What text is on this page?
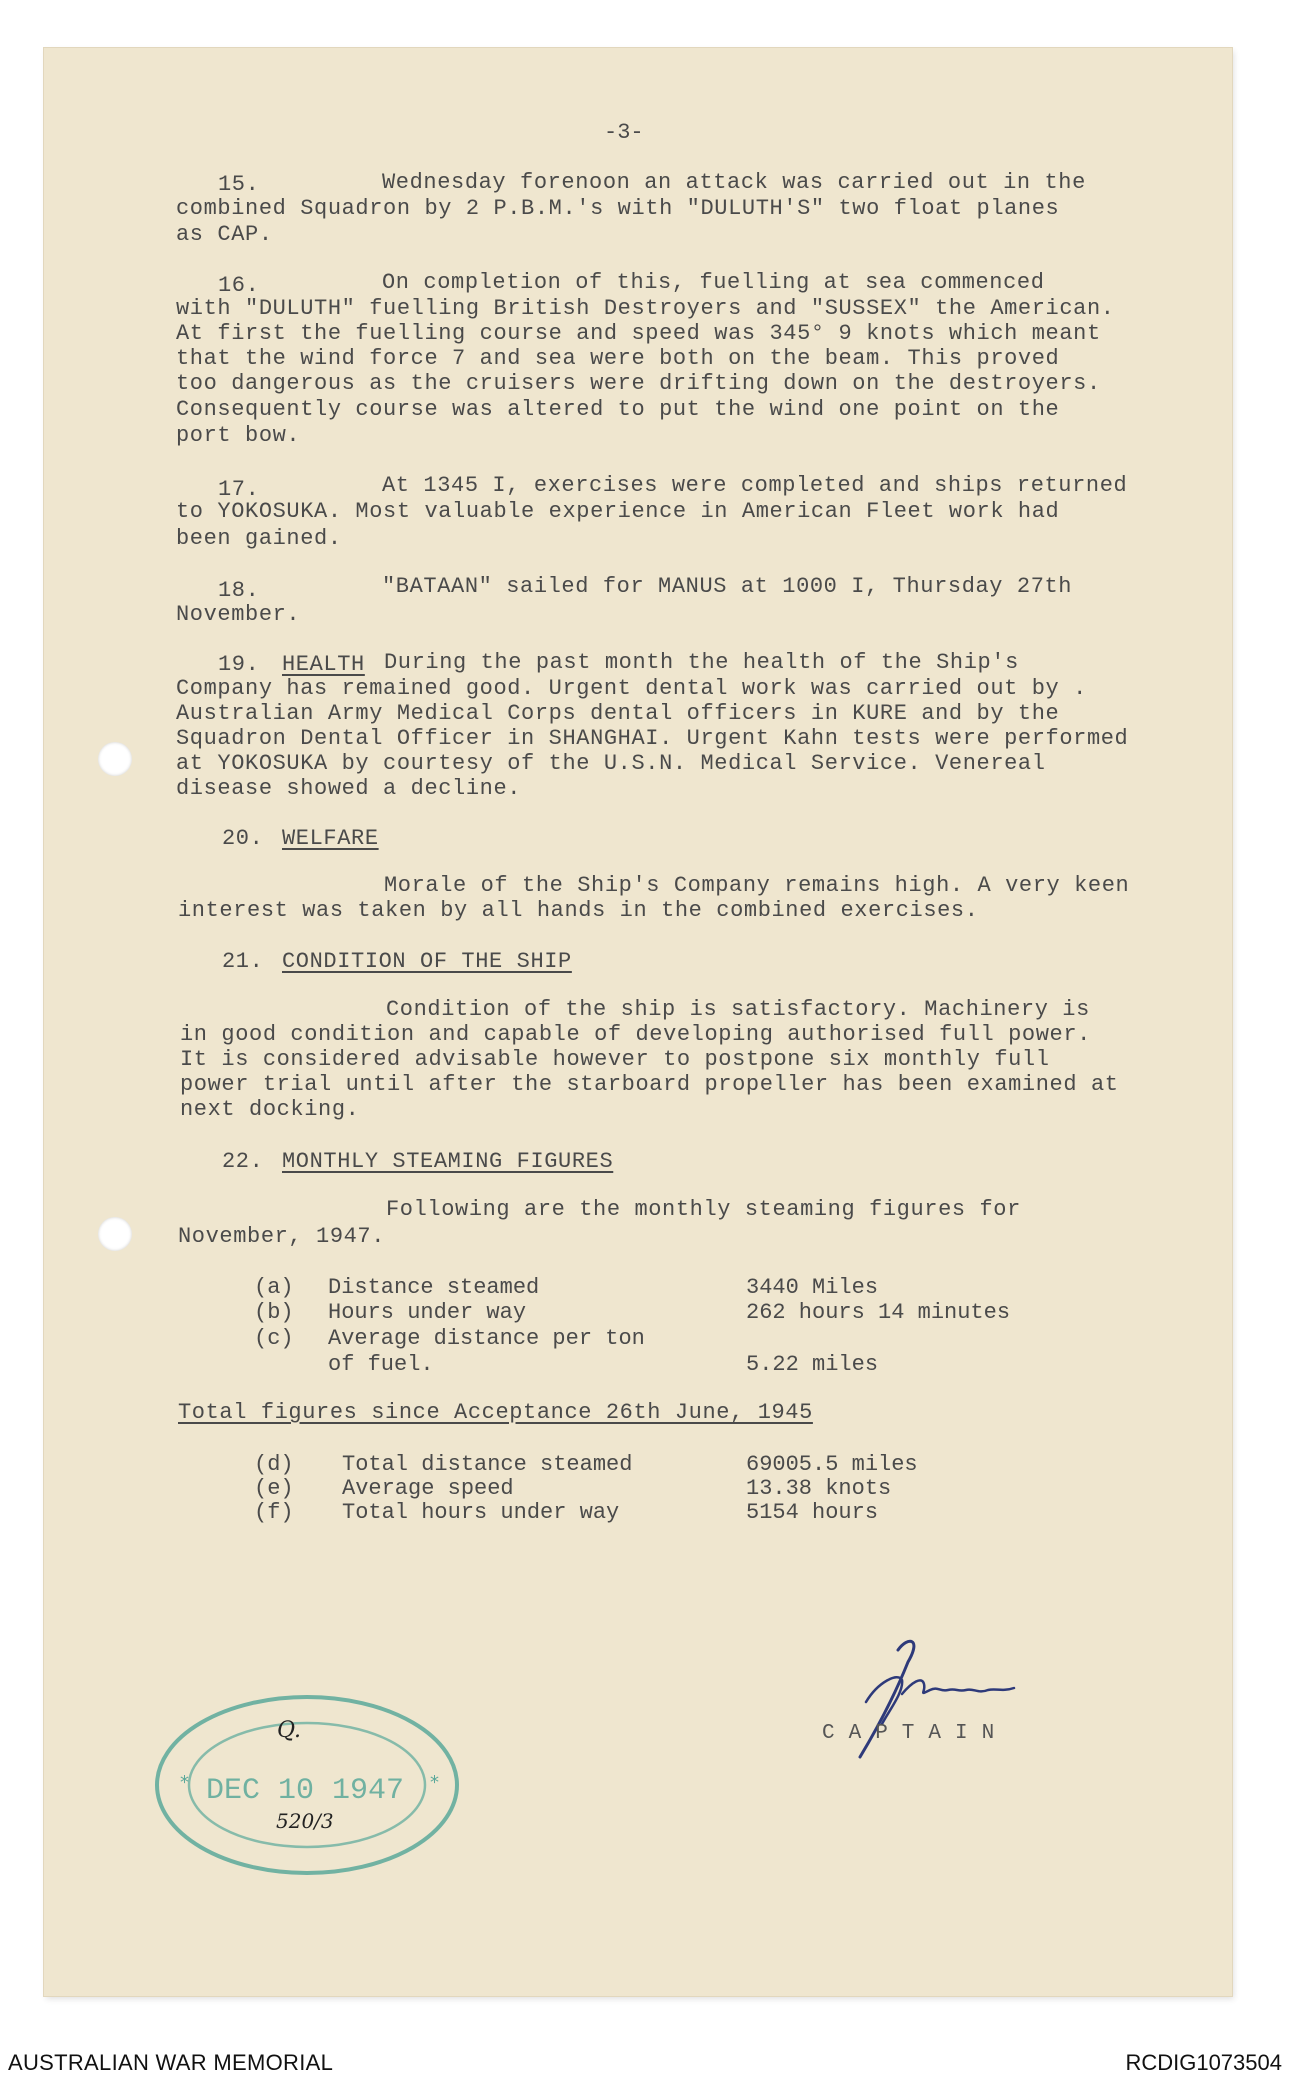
-3-
15.	Wednesday forenoon an attack was carried out in the
combined Squadron by 2 P.B.M.'s with "DULUTH'S" two float planes
as CAP.
16.	On completion of this, fuelling at sea commenced
with "DULUTH" fuelling British Destroyers and "SUSSEX" the American.
At first the fuelling course and speed was 345° 9 knots which meant
that the wind force 7 and sea were both on the beam. This proved
too dangerous as the cruisers were drifting down on the destroyers.
Consequently course was altered to put the wind one point on the
port bow.
17.	At 1345 I, exercises were completed and ships returned
to YOKOSUKA. Most valuable experience in American Fleet work had
been gained.
18.	"BATAAN" sailed for MANUS at 1000 I, Thursday 27th
November.
19. HEALTH During the past month the health of the Ship's
Company has remained good. Urgent dental work was carried out by .
Australian Army Medical Corps dental officers in KURE and by the
Squadron Dental Officer in SHANGHAI. Urgent Kahn tests were performed
at YOKOSUKA by courtesy of the U.S.N. Medical Service. Venereal
disease showed a decline.
20. WELFARE
Morale of the Ship's Company remains high. A very keen
interest was taken by all hands in the combined exercises.
21. CONDITION OF THE SHIP
Condition of the ship is satisfactory. Machinery is
in good condition and capable of developing authorised full power.
It is considered advisable however to postpone six monthly full
power trial until after the starboard propeller has been examined at
next docking.
22. MONTHLY STEAMING FIGURES
Following are the monthly steaming figures for
November, 1947.
(a) Distance steamed	3440 Miles
(b) Hours under way	262 hours 14 minutes
(c) Average distance per ton
of fuel.	5.22 miles
Total figures since Acceptance 26th June, 1945
(d) Total distance steamed	69005.5 miles
(e) Average speed	13.38 knots
(f) Total hours under way	5154 hours
CAPTAIN
*	*
DEC 10 1947
Q.
520/3
AUSTRALIAN WAR MEMORIAL	RCDIG1073504
